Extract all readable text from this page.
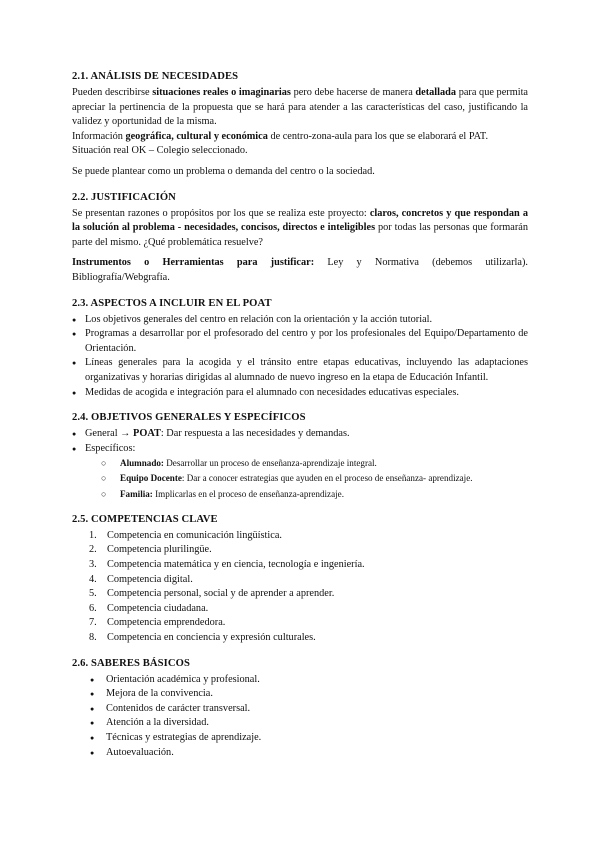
2.1. ANÁLISIS DE NECESIDADES

Pueden describirse situaciones reales o imaginarias pero debe hacerse de manera detallada para que permita apreciar la pertinencia de la propuesta que se hará para atender a las características del caso, justificando la validez y oportunidad de la misma.

Información geográfica, cultural y económica de centro-zona-aula para los que se elaborará el PAT.

Situación real OK – Colegio seleccionado.

Se puede plantear como un problema o demanda del centro o la sociedad.

2.2. JUSTIFICACIÓN

Se presentan razones o propósitos por los que se realiza este proyecto: claros, concretos y que respondan a la solución al problema - necesidades, concisos, directos e inteligibles por todas las personas que formarán parte del mismo. ¿Qué problemática resuelve?

Instrumentos o Herramientas para justificar: Ley y Normativa (debemos utilizarla). Bibliografía/Webgrafía.

2.3. ASPECTOS A INCLUIR EN EL POAT
● Los objetivos generales del centro en relación con la orientación y la acción tutorial.
● Programas a desarrollar por el profesorado del centro y por los profesionales del Equipo/Departamento de Orientación.
● Líneas generales para la acogida y el tránsito entre etapas educativas, incluyendo las adaptaciones organizativas y horarias dirigidas al alumnado de nuevo ingreso en la etapa de Educación Infantil.
● Medidas de acogida e integración para el alumnado con necesidades educativas especiales.
2.4. OBJETIVOS GENERALES Y ESPECÍFICOS
● General → POAT: Dar respuesta a las necesidades y demandas.
● Específicos:
○ Alumnado: Desarrollar un proceso de enseñanza-aprendizaje integral.
○ Equipo Docente: Dar a conocer estrategias que ayuden en el proceso de enseñanza- aprendizaje.
○ Familia: Implicarlas en el proceso de enseñanza-aprendizaje.
2.5. COMPETENCIAS CLAVE
1. Competencia en comunicación lingüística.
2. Competencia plurilingüe.
3. Competencia matemática y en ciencia, tecnología e ingeniería.
4. Competencia digital.
5. Competencia personal, social y de aprender a aprender.
6. Competencia ciudadana.
7. Competencia emprendedora.
8. Competencia en conciencia y expresión culturales.
2.6. SABERES BÁSICOS
● Orientación académica y profesional.
● Mejora de la convivencia.
● Contenidos de carácter transversal.
● Atención a la diversidad.
● Técnicas y estrategias de aprendizaje.
● Autoevaluación.
